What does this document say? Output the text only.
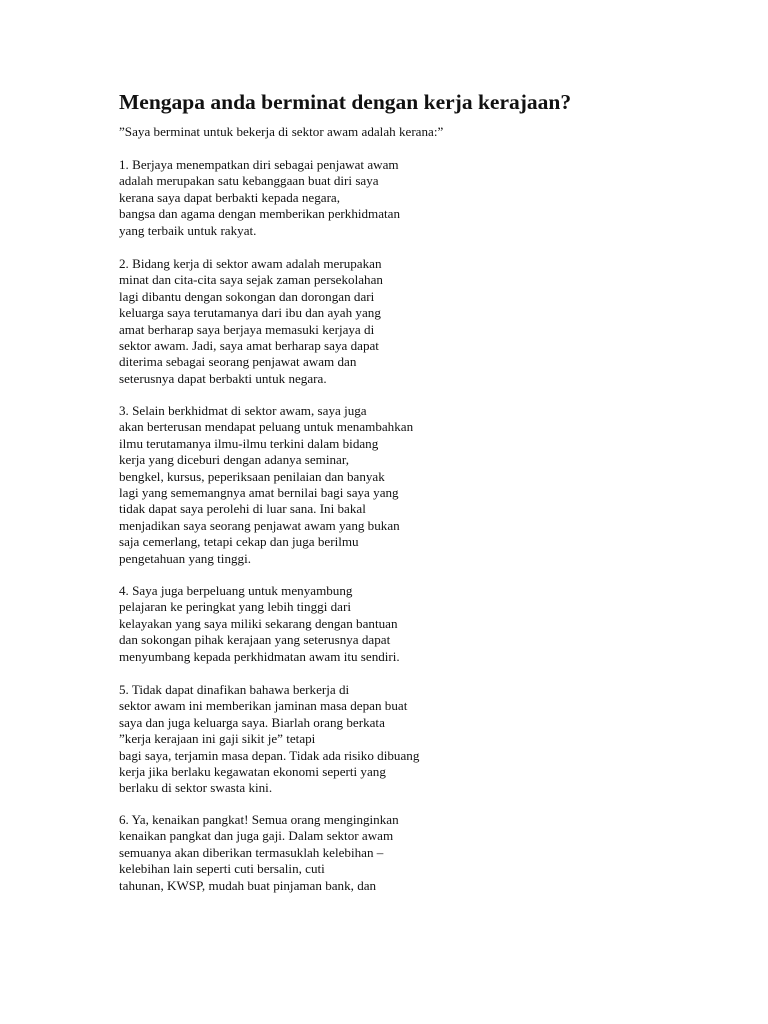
Mengapa anda berminat dengan kerja kerajaan?
”Saya berminat untuk bekerja di sektor awam adalah kerana:”
1. Berjaya menempatkan diri sebagai penjawat awam
adalah merupakan satu kebanggaan buat diri saya
kerana saya dapat berbakti kepada negara,
bangsa dan agama dengan memberikan perkhidmatan
yang terbaik untuk rakyat.
2. Bidang kerja di sektor awam adalah merupakan
minat dan cita-cita saya sejak zaman persekolahan
lagi dibantu dengan sokongan dan dorongan dari
keluarga saya terutamanya dari ibu dan ayah yang
amat berharap saya berjaya memasuki kerjaya di
sektor awam. Jadi, saya amat berharap saya dapat
diterima sebagai seorang penjawat awam dan
seterusnya dapat berbakti untuk negara.
3. Selain berkhidmat di sektor awam, saya juga
akan berterusan mendapat peluang untuk menambahkan
ilmu terutamanya ilmu-ilmu terkini dalam bidang
kerja yang diceburi dengan adanya seminar,
bengkel, kursus, peperiksaan penilaian dan banyak
lagi yang sememangnya amat bernilai bagi saya yang
tidak dapat saya perolehi di luar sana. Ini bakal
menjadikan saya seorang penjawat awam yang bukan
saja cemerlang, tetapi cekap dan juga berilmu
pengetahuan yang tinggi.
4. Saya juga berpeluang untuk menyambung
pelajaran ke peringkat yang lebih tinggi dari
kelayakan yang saya miliki sekarang dengan bantuan
dan sokongan pihak kerajaan yang seterusnya dapat
menyumbang kepada perkhidmatan awam itu sendiri.
5. Tidak dapat dinafikan bahawa berkerja di
sektor awam ini memberikan jaminan masa depan buat
saya dan juga keluarga saya. Biarlah orang berkata
”kerja kerajaan ini gaji sikit je” tetapi
bagi saya, terjamin masa depan. Tidak ada risiko dibuang
kerja jika berlaku kegawatan ekonomi seperti yang
berlaku di sektor swasta kini.
6. Ya, kenaikan pangkat! Semua orang menginginkan
kenaikan pangkat dan juga gaji. Dalam sektor awam
semuanya akan diberikan termasuklah kelebihan –
kelebihan lain seperti cuti bersalin, cuti
tahunan, KWSP, mudah buat pinjaman bank, dan
